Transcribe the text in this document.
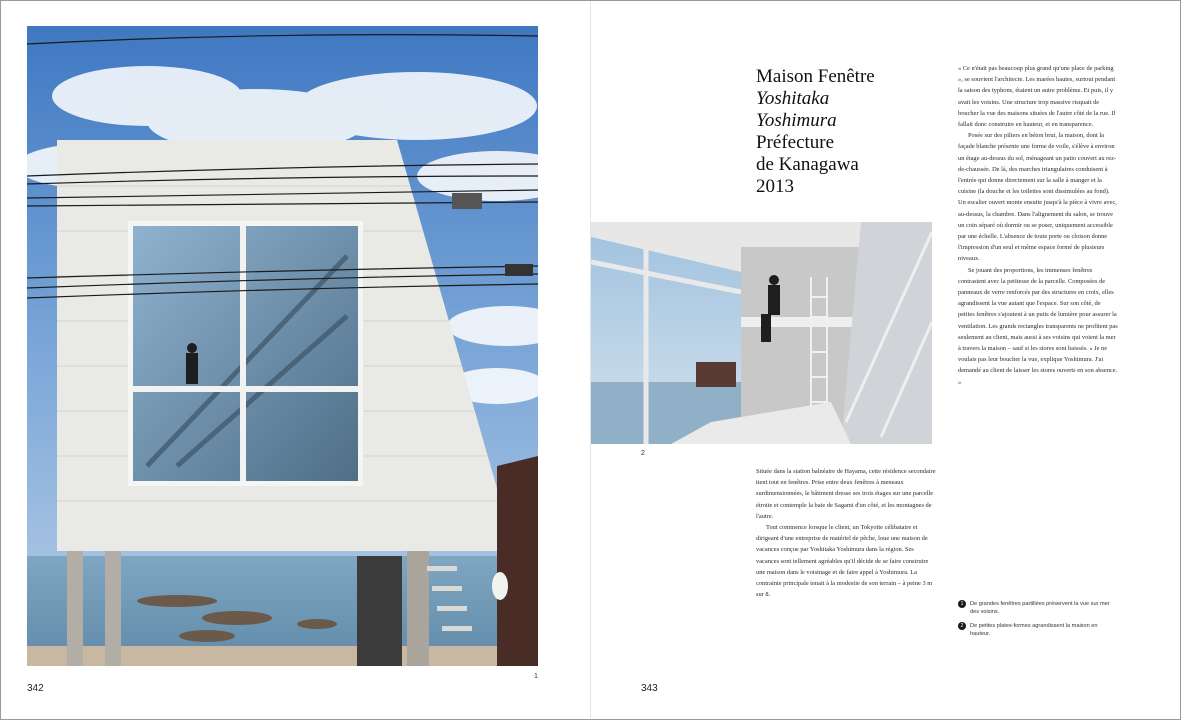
1
342
Maison Fenêtre
Yoshitaka
Yoshimura
Préfecture
de Kanagawa
2013
2

« Ce n'était pas beaucoup plus grand qu'une place de parking », se souvient l'architecte. Les marées hautes, surtout pendant la saison des typhons, étaient un autre problème. Et puis, il y avait les voisins. Une structure trop massive risquait de boucher la vue des maisons situées de l'autre côté de la rue. Il fallait donc construire en hauteur, et en transparence.

Posée sur des piliers en béton brut, la maison, dont la façade blanche présente une forme de voile, s'élève à environ un étage au-dessus du sol, ménageant un patio couvert au rez-de-chaussée. De là, des marches triangulaires conduisent à l'entrée qui donne directement sur la salle à manger et la cuisine (la douche et les toilettes sont dissimulées au fond). Un escalier ouvert monte ensuite jusqu'à la pièce à vivre avec, au-dessus, la chambre. Dans l'alignement du salon, se trouve un coin séparé où dormir ou se poser, uniquement accessible par une échelle. L'absence de toute porte ou cloison donne l'impression d'un seul et même espace formé de plusieurs niveaux.

Se jouant des proportions, les immenses fenêtres contrastent avec la petitesse de la parcelle. Composées de panneaux de verre renforcés par des structures en croix, elles agrandissent la vue autant que l'espace. Sur son côté, de petites fenêtres s'ajoutent à un puits de lumière pour assurer la ventilation. Les grands rectangles transparents ne profitent pas seulement au client, mais aussi à ses voisins qui voient la mer à travers la maison – sauf si les stores sont baissés. « Je ne voulais pas leur boucher la vue, explique Yoshimura. J'ai demandé au client de laisser les stores ouverts en son absence. »

Située dans la station balnéaire de Hayama, cette résidence secondaire tient tout en fenêtres. Prise entre deux fenêtres à meneaux surdimensionnées, le bâtiment dresse ses trois étages sur une parcelle étroite et contemple la baie de Sagami d'un côté, et les montagnes de l'autre.

Tout commence lorsque le client, un Tokyoïte célibataire et dirigeant d'une entreprise de matériel de pêche, loue une maison de vacances conçue par Yoshitaka Yoshimura dans la région. Ses vacances sont tellement agréables qu'il décide de se faire construire une maison dans le voisinage et de faire appel à Yoshimura. La contrainte principale tenait à la modestie de son terrain – à peine 3 m sur 8.

1	De grandes fenêtres partillées préservent la vue sur mer des voisins.
2	De petites plates-formes agrandissent la maison en hauteur.
343
